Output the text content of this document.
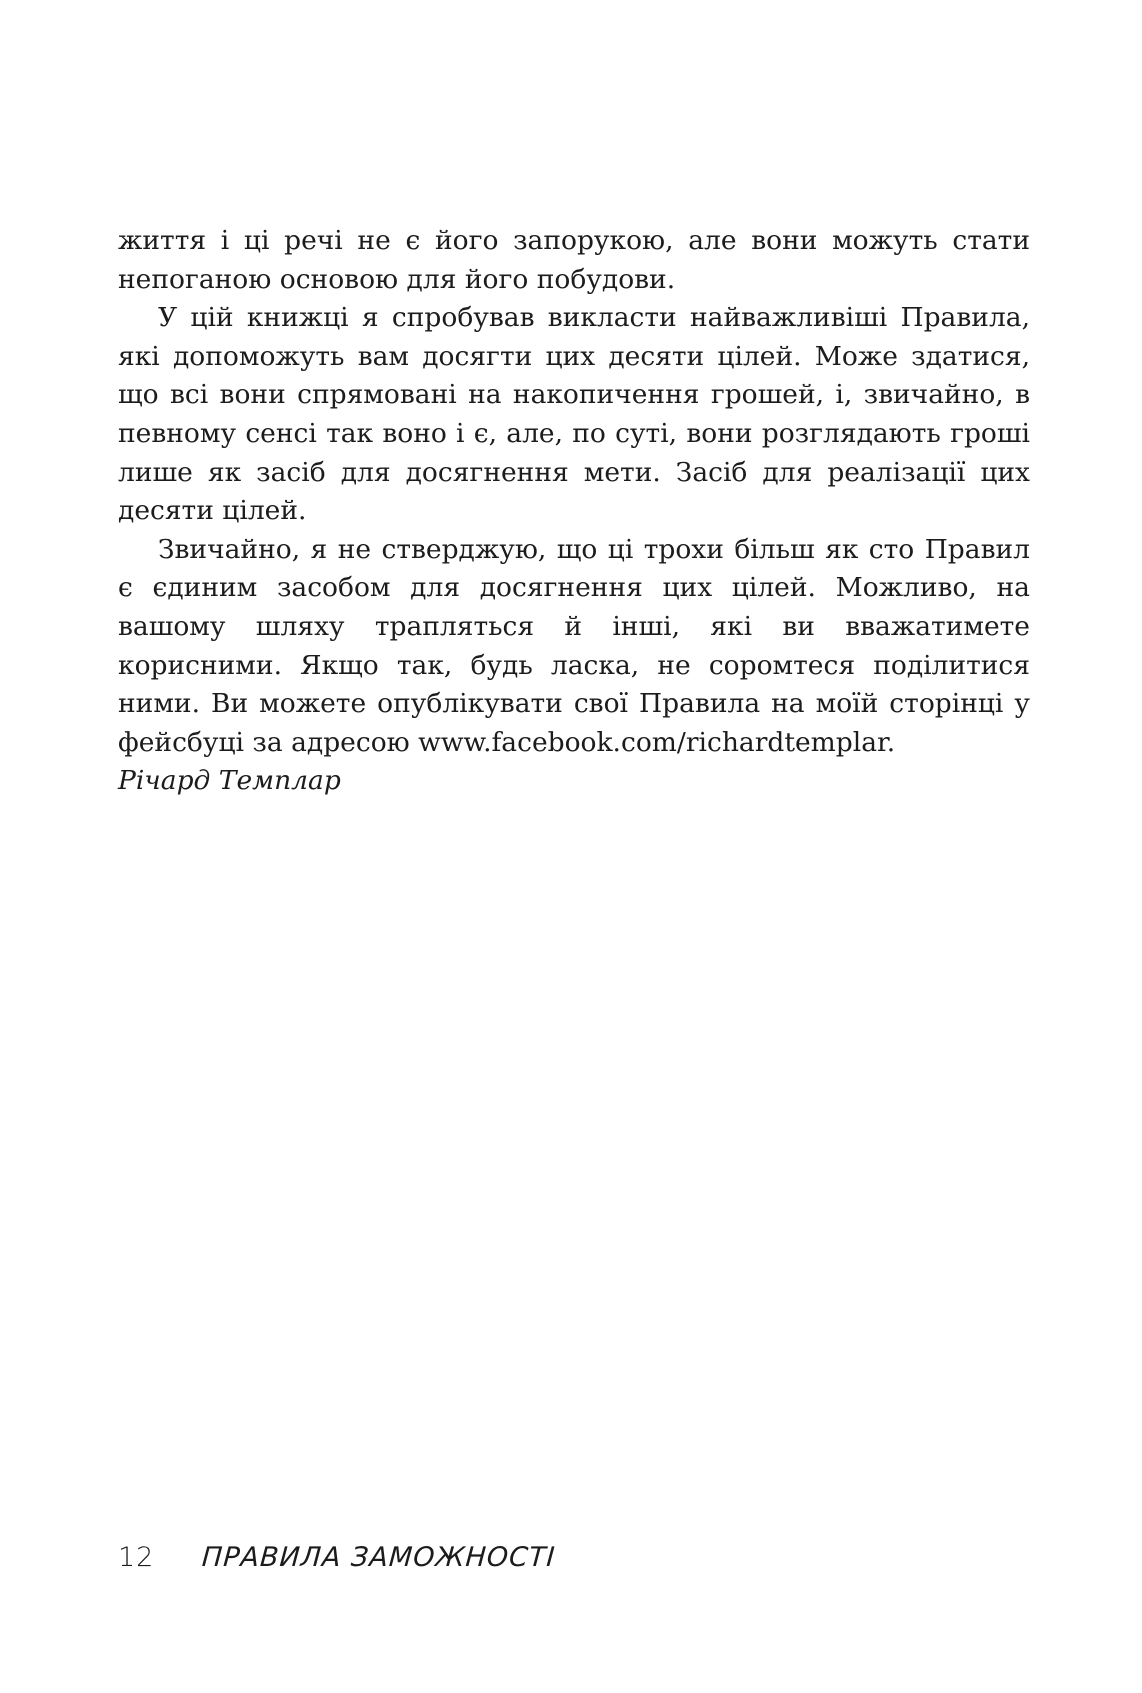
життя і ці речі не є його запорукою, але вони можуть стати непоганою основою для його побудови.

У цій книжці я спробував викласти найважливіші Правила, які допоможуть вам досягти цих десяти цілей. Може здатися, що всі вони спрямовані на накопичення грошей, і, звичайно, в певному сенсі так воно і є, але, по суті, вони розглядають гроші лише як засіб для досягнення мети. Засіб для реалізації цих десяти цілей.

Звичайно, я не стверджую, що ці трохи більш як сто Правил є єдиним засобом для досягнення цих цілей. Можливо, на вашому шляху трапляться й інші, які ви вважатимете корисними. Якщо так, будь ласка, не соромтеся поділитися ними. Ви можете опублікувати свої Правила на моїй сторінці у фейсбуці за адресою www.facebook.com/richardtemplar.

Річард Темплар

12 ПРАВИЛА ЗАМОЖНОСТІ
